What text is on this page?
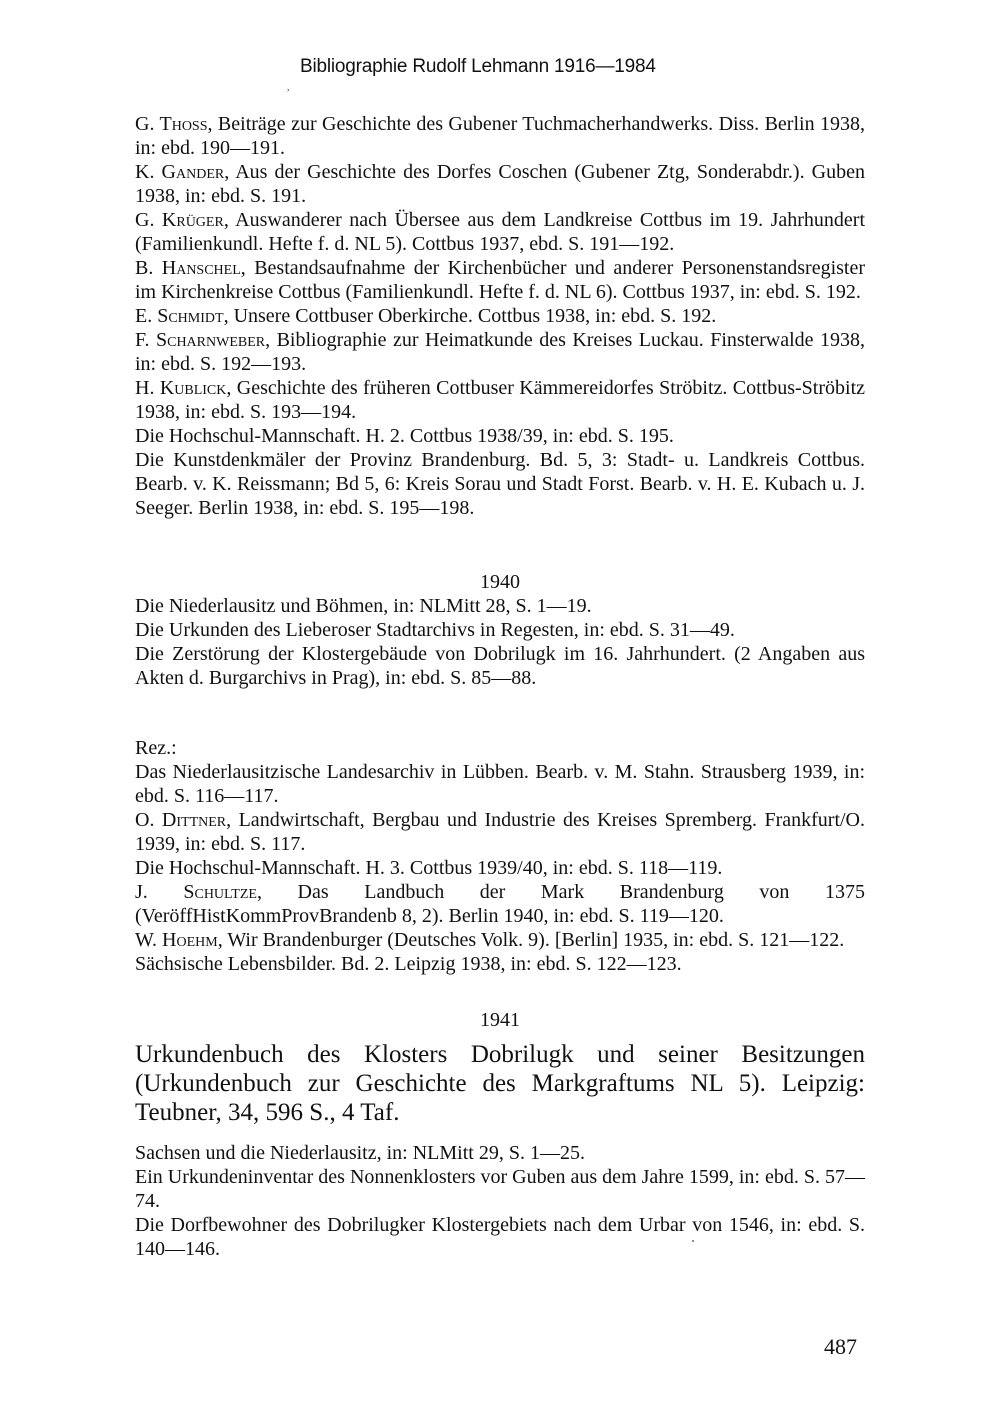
Bibliographie Rudolf Lehmann 1916—1984
,

G. Thoss, Beiträge zur Geschichte des Gubener Tuchmacherhandwerks. Diss. Berlin 1938, in: ebd. 190—191.

K. Gander, Aus der Geschichte des Dorfes Coschen (Gubener Ztg, Sonderabdr.). Guben 1938, in: ebd. S. 191.

G. Krüger, Auswanderer nach Übersee aus dem Landkreise Cottbus im 19. Jahrhundert (Familienkundl. Hefte f. d. NL 5). Cottbus 1937, ebd. S. 191—192.

B. Hanschel, Bestandsaufnahme der Kirchenbücher und anderer Personenstandsregister im Kirchenkreise Cottbus (Familienkundl. Hefte f. d. NL 6). Cottbus 1937, in: ebd. S. 192.

E. Schmidt, Unsere Cottbuser Oberkirche. Cottbus 1938, in: ebd. S. 192.

F. Scharnweber, Bibliographie zur Heimatkunde des Kreises Luckau. Finsterwalde 1938, in: ebd. S. 192—193.

H. Kublick, Geschichte des früheren Cottbuser Kämmereidorfes Ströbitz. Cottbus-Ströbitz 1938, in: ebd. S. 193—194.

Die Hochschul-Mannschaft. H. 2. Cottbus 1938/39, in: ebd. S. 195.

Die Kunstdenkmäler der Provinz Brandenburg. Bd. 5, 3: Stadt- u. Landkreis Cottbus. Bearb. v. K. Reissmann; Bd 5, 6: Kreis Sorau und Stadt Forst. Bearb. v. H. E. Kubach u. J. Seeger. Berlin 1938, in: ebd. S. 195—198.

1940

Die Niederlausitz und Böhmen, in: NLMitt 28, S. 1—19.

Die Urkunden des Lieberoser Stadtarchivs in Regesten, in: ebd. S. 31—49.

Die Zerstörung der Klostergebäude von Dobrilugk im 16. Jahrhundert. (2 Angaben aus Akten d. Burgarchivs in Prag), in: ebd. S. 85—88.

Rez.:

Das Niederlausitzische Landesarchiv in Lübben. Bearb. v. M. Stahn. Strausberg 1939, in: ebd. S. 116—117.

O. Dittner, Landwirtschaft, Bergbau und Industrie des Kreises Spremberg. Frankfurt/O. 1939, in: ebd. S. 117.

Die Hochschul-Mannschaft. H. 3. Cottbus 1939/40, in: ebd. S. 118—119.

J. Schultze, Das Landbuch der Mark Brandenburg von 1375 (VeröffHistKommProvBrandenb 8, 2). Berlin 1940, in: ebd. S. 119—120.

W. Hoehm, Wir Brandenburger (Deutsches Volk. 9). [Berlin] 1935, in: ebd. S. 121—122.

Sächsische Lebensbilder. Bd. 2. Leipzig 1938, in: ebd. S. 122—123.

1941

Urkundenbuch des Klosters Dobrilugk und seiner Besitzungen (Urkundenbuch zur Geschichte des Markgraftums NL 5). Leipzig: Teubner, 34, 596 S., 4 Taf.

Sachsen und die Niederlausitz, in: NLMitt 29, S. 1—25.

Ein Urkundeninventar des Nonnenklosters vor Guben aus dem Jahre 1599, in: ebd. S. 57—74.

Die Dorfbewohner des Dobrilugker Klostergebiets nach dem Urbar von 1546, in: ebd. S. 140—146.

487
